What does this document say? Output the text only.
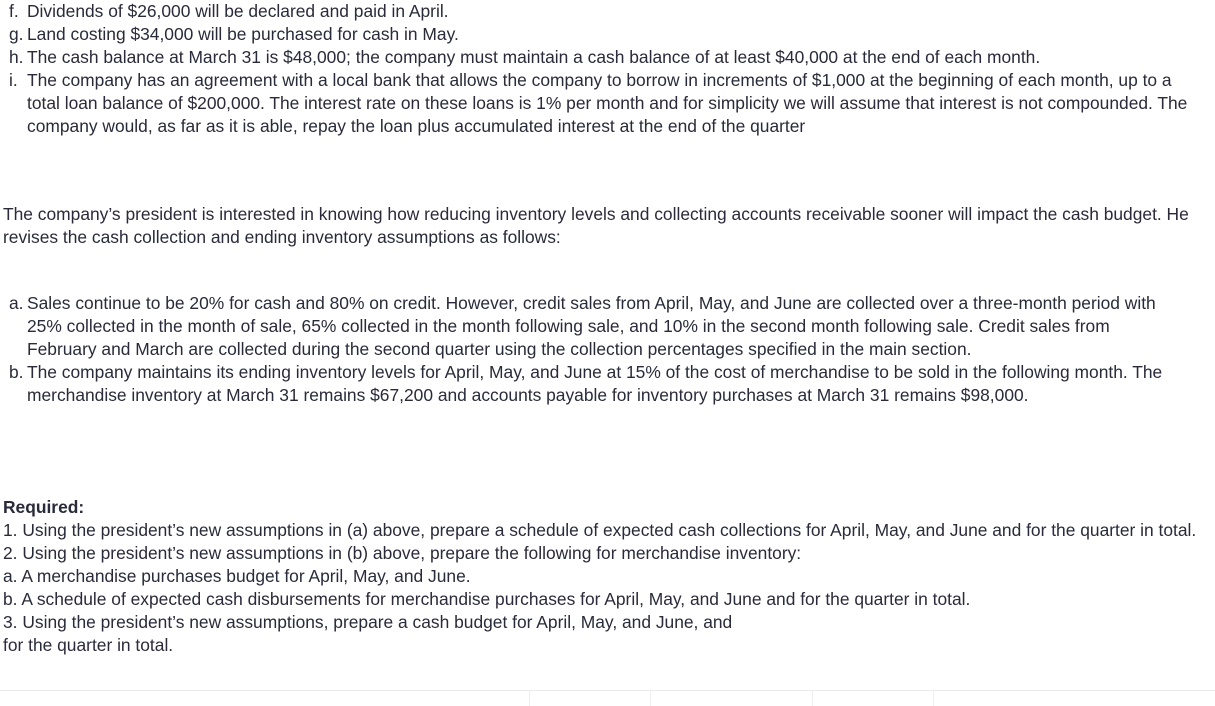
f. Dividends of $26,000 will be declared and paid in April.
g. Land costing $34,000 will be purchased for cash in May.
h. The cash balance at March 31 is $48,000; the company must maintain a cash balance of at least $40,000 at the end of each month.
i. The company has an agreement with a local bank that allows the company to borrow in increments of $1,000 at the beginning of each month, up to a total loan balance of $200,000. The interest rate on these loans is 1% per month and for simplicity we will assume that interest is not compounded. The company would, as far as it is able, repay the loan plus accumulated interest at the end of the quarter

The company’s president is interested in knowing how reducing inventory levels and collecting accounts receivable sooner will impact the cash budget. He revises the cash collection and ending inventory assumptions as follows:

a. Sales continue to be 20% for cash and 80% on credit. However, credit sales from April, May, and June are collected over a three-month period with 25% collected in the month of sale, 65% collected in the month following sale, and 10% in the second month following sale. Credit sales from February and March are collected during the second quarter using the collection percentages specified in the main section.
b. The company maintains its ending inventory levels for April, May, and June at 15% of the cost of merchandise to be sold in the following month. The merchandise inventory at March 31 remains $67,200 and accounts payable for inventory purchases at March 31 remains $98,000.
Required:
1. Using the president’s new assumptions in (a) above, prepare a schedule of expected cash collections for April, May, and June and for the quarter in total.
2. Using the president’s new assumptions in (b) above, prepare the following for merchandise inventory:
a. A merchandise purchases budget for April, May, and June.
b. A schedule of expected cash disbursements for merchandise purchases for April, May, and June and for the quarter in total.
3. Using the president’s new assumptions, prepare a cash budget for April, May, and June, and
for the quarter in total.
